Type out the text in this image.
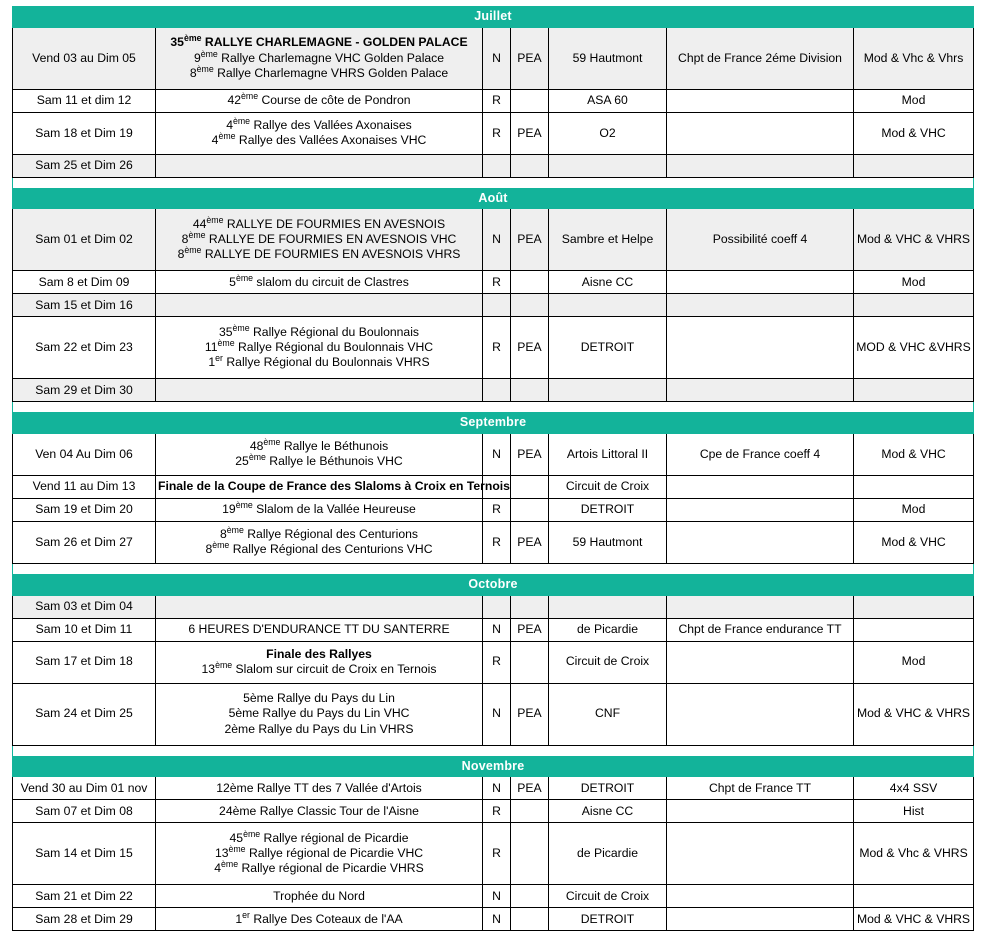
Juillet						
Vend 03 au Dim 05	35ème RALLYE CHARLEMAGNE - GOLDEN PALACE
9ème Rallye Charlemagne VHC Golden Palace
8ème Rallye Charlemagne VHRS Golden Palace	N	PEA	59 Hautmont	Chpt de France 2éme Division	Mod & Vhc & Vhrs
Sam 11 et dim 12	42ème Course de côte de Pondron	R		ASA 60		Mod
Sam 18 et Dim 19	4ème Rallye des Vallées Axonaises
4ème Rallye des Vallées Axonaises VHC	R	PEA	O2		Mod & VHC
Sam 25 et Dim 26						

Août						
Sam 01 et Dim 02	44ème RALLYE DE FOURMIES EN AVESNOIS
8ème RALLYE DE FOURMIES EN AVESNOIS VHC
8ème RALLYE DE FOURMIES EN AVESNOIS VHRS	N	PEA	Sambre et Helpe	Possibilité coeff 4	Mod & VHC & VHRS
Sam 8 et Dim 09	5ème slalom du circuit de Clastres	R		Aisne CC		Mod
Sam 15 et Dim 16						
Sam 22 et Dim 23	35ème Rallye Régional du Boulonnais
11ème Rallye Régional du Boulonnais VHC
1er Rallye Régional du Boulonnais VHRS	R	PEA	DETROIT		MOD & VHC &VHRS
Sam 29 et Dim 30						

Septembre						
Ven 04 Au Dim 06	48ème Rallye le Béthunois
25ème Rallye le Béthunois VHC	N	PEA	Artois Littoral II	Cpe de France coeff 4	Mod & VHC
Vend 11 au Dim 13	Finale de la Coupe de France des Slaloms à Croix en Ternois			Circuit de Croix		
Sam 19 et Dim 20	19ème Slalom de la Vallée Heureuse	R		DETROIT		Mod
Sam 26 et Dim 27	8ème Rallye Régional des Centurions
8ème Rallye Régional des Centurions VHC	R	PEA	59 Hautmont		Mod & VHC

Octobre						
Sam 03 et Dim 04						
Sam 10 et Dim 11	6 HEURES D'ENDURANCE TT DU SANTERRE	N	PEA	de Picardie	Chpt de France endurance TT	
Sam 17 et Dim 18	Finale des Rallyes
13ème Slalom sur circuit de Croix en Ternois	R		Circuit de Croix		Mod
Sam 24 et Dim 25	5ème Rallye du Pays du Lin
5ème Rallye du Pays du Lin VHC
2ème Rallye du Pays du Lin VHRS	N	PEA	CNF		Mod & VHC & VHRS

Novembre						
Vend 30 au Dim 01 nov	12ème Rallye TT des 7 Vallée d'Artois	N	PEA	DETROIT	Chpt de France TT	4x4 SSV
Sam 07 et Dim 08	24ème Rallye Classic Tour de l'Aisne	R		Aisne CC		Hist
Sam 14 et Dim 15	45ème Rallye régional de Picardie
13ème Rallye régional de Picardie VHC
4ème Rallye régional de Picardie VHRS	R		de Picardie		Mod & Vhc & VHRS
Sam 21 et Dim 22	Trophée du Nord	N		Circuit de Croix		
Sam 28 et Dim 29	1er Rallye Des Coteaux de l'AA	N		DETROIT		Mod & VHC & VHRS
